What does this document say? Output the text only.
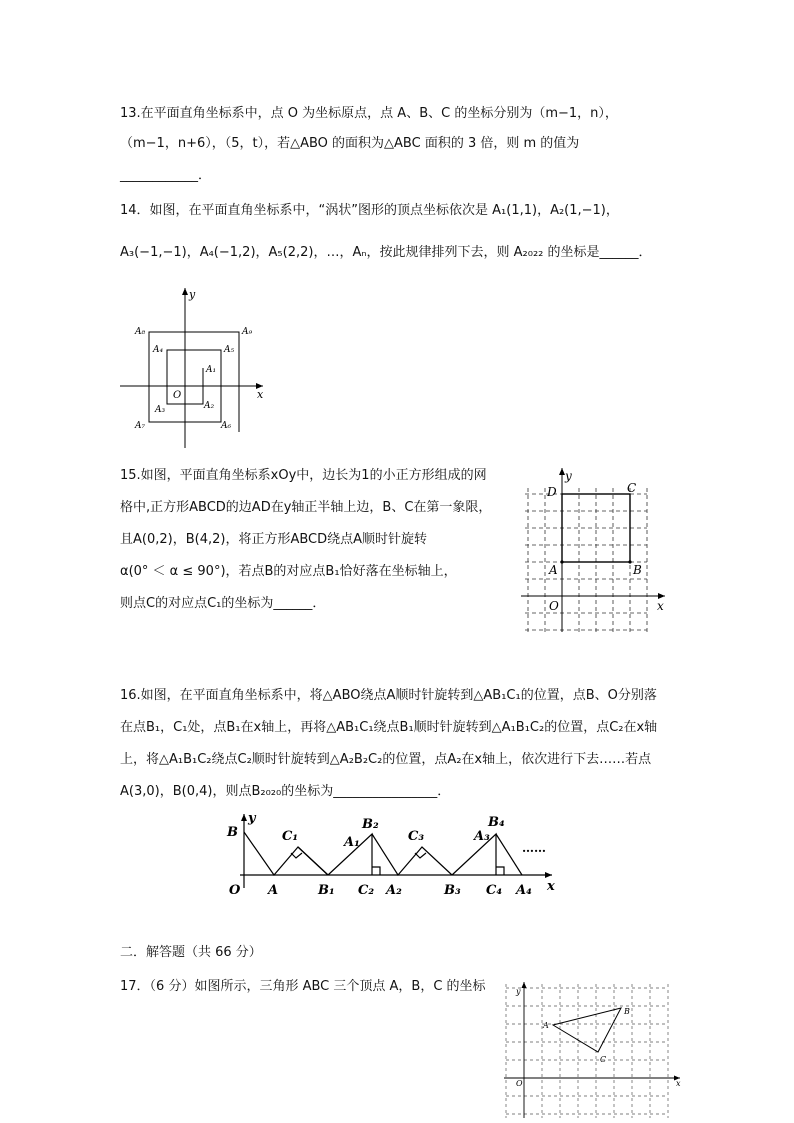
13.在平面直角坐标系中，点 O 为坐标原点，点 A、B、C 的坐标分别为（m−1，n），
（m−1，n+6），（5，t），若△ABO 的面积为△ABC 面积的 3 倍，则 m 的值为
____________．
14．如图，在平面直角坐标系中，“涡状”图形的顶点坐标依次是 A₁(1,1)，A₂(1,−1)，
A₃(−1,−1)，A₄(−1,2)，A₅(2,2)，…，Aₙ，按此规律排列下去，则 A₂₀₂₂ 的坐标是______．
y
x
O
A₁
A₂
A₃
A₄	A₅
A₆
A₇
A₈	A₉
15.如图，平面直角坐标系xOy中，边长为1的小正方形组成的网
格中,正方形ABCD的边AD在y轴正半轴上边，B、C在第一象限，
且A(0,2)，B(4,2)，将正方形ABCD绕点A顺时针旋转
α(0° ＜ α ≤ 90°)，若点B的对应点B₁恰好落在坐标轴上，
则点C的对应点C₁的坐标为______．
y
x
O
A	B
C
D
16.如图，在平面直角坐标系中，将△ABO绕点A顺时针旋转到△AB₁C₁的位置，点B、O分别落
在点B₁，C₁处，点B₁在x轴上，再将△AB₁C₁绕点B₁顺时针旋转到△A₁B₁C₂的位置，点C₂在x轴
上，将△A₁B₁C₂绕点C₂顺时针旋转到△A₂B₂C₂的位置，点A₂在x轴上，依次进行下去……若点
A(3,0)，B(0,4)，则点B₂₀₂₀的坐标为________________．
y
x
O
B	C₁	A₁
B₂
C₃	A₃
B₄
A	B₁ C₂ A₂	B₃ C₄ A₄
……
二．解答题（共 66 分）
17．（6 分）如图所示，三角形 ABC 三个顶点 A，B，C 的坐标	y
x
O
A
B
C
